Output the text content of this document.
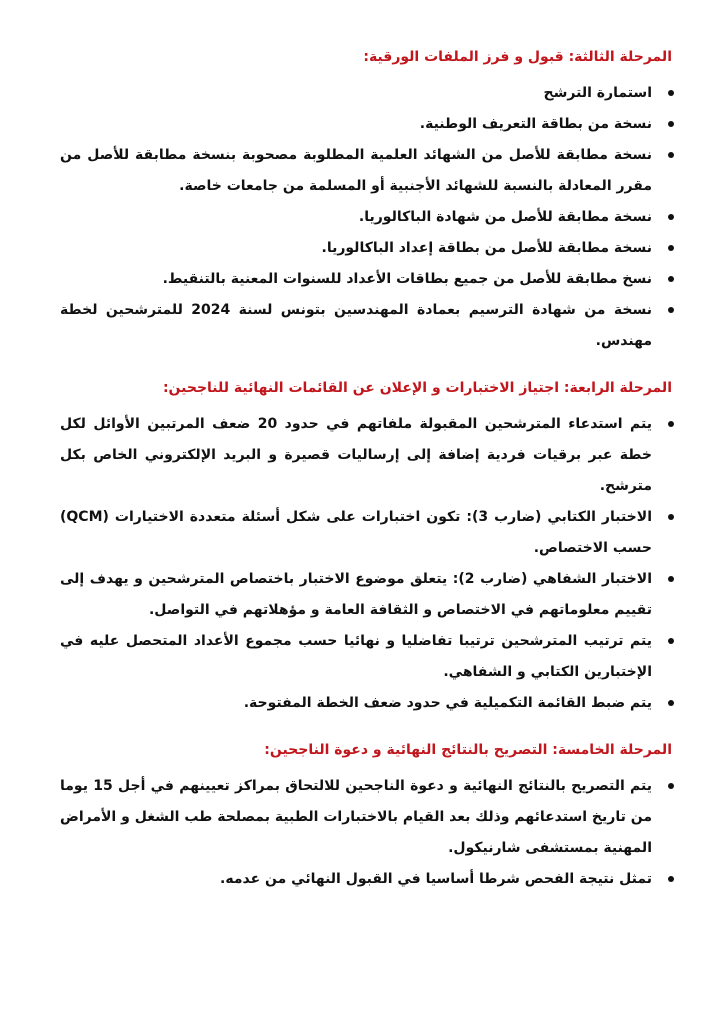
المرحلة الثالثة: قبول و فرز الملفات الورقية:
استمارة الترشح
نسخة من بطاقة التعريف الوطنية.
نسخة مطابقة للأصل من الشهائد العلمية المطلوبة مصحوبة بنسخة مطابقة للأصل من مقرر المعادلة بالنسبة للشهائد الأجنبية أو المسلمة من جامعات خاصة.
نسخة مطابقة للأصل من شهادة الباكالوريا.
نسخة مطابقة للأصل من بطاقة إعداد الباكالوريا.
نسخ مطابقة للأصل من جميع بطاقات الأعداد للسنوات المعنية بالتنقيط.
نسخة من شهادة الترسيم بعمادة المهندسين بتونس لسنة 2024 للمترشحين لخطة مهندس.
المرحلة الرابعة: اجتياز الاختبارات و الإعلان عن القائمات النهائية للناجحين:
يتم استدعاء المترشحين المقبولة ملفاتهم في حدود 20 ضعف المرتبين الأوائل لكل خطة عبر برقيات فردية إضافة إلى إرساليات قصيرة و البريد الإلكتروني الخاص بكل مترشح.
الاختبار الكتابي (ضارب 3): تكون اختبارات على شكل أسئلة متعددة الاختيارات (QCM) حسب الاختصاص.
الاختبار الشفاهي (ضارب 2): يتعلق موضوع الاختبار باختصاص المترشحين و يهدف إلى تقييم معلوماتهم في الاختصاص و الثقافة العامة و مؤهلاتهم في التواصل.
يتم ترتيب المترشحين ترتيبا تفاضليا و نهائيا حسب مجموع الأعداد المتحصل عليه في الإختبارين الكتابي و الشفاهي.
يتم ضبط القائمة التكميلية في حدود ضعف الخطة المفتوحة.
المرحلة الخامسة: التصريح بالنتائج النهائية و دعوة الناجحين:
يتم التصريح بالنتائج النهائية و دعوة الناجحين للالتحاق بمراكز تعيينهم في أجل 15 يوما من تاريخ استدعائهم وذلك بعد القيام بالاختبارات الطبية بمصلحة طب الشغل و الأمراض المهنية بمستشفى شارنيكول.
تمثل نتيجة الفحص شرطا أساسيا في القبول النهائي من عدمه.
